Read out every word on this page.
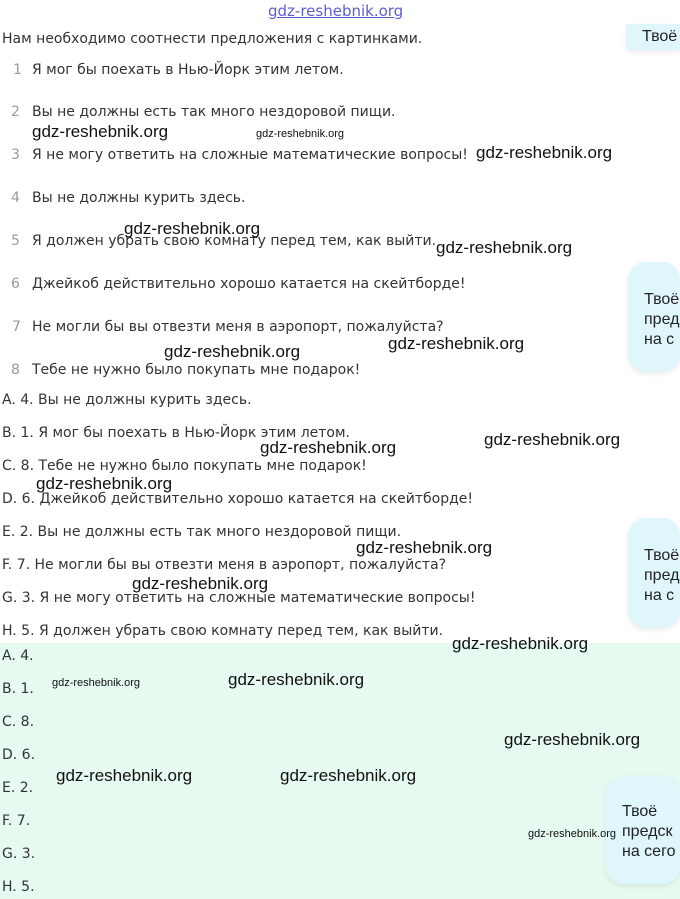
gdz-reshebnik.org
Нам необходимо соотнести предложения с картинками.
1 Я мог бы поехать в Нью-Йорк этим летом.
2 Вы не должны есть так много нездоровой пищи.
3 Я не могу ответить на сложные математические вопросы!
4 Вы не должны курить здесь.
5 Я должен убрать свою комнату перед тем, как выйти.
6 Джейкоб действительно хорошо катается на скейтборде!
7 Не могли бы вы отвезти меня в аэропорт, пожалуйста?
8 Тебе не нужно было покупать мне подарок!
A. 4. Вы не должны курить здесь.
B. 1. Я мог бы поехать в Нью-Йорк этим летом.
C. 8. Тебе не нужно было покупать мне подарок!
D. 6. Джейкоб действительно хорошо катается на скейтборде!
E. 2. Вы не должны есть так много нездоровой пищи.
F. 7. Не могли бы вы отвезти меня в аэропорт, пожалуйста?
G. 3. Я не могу ответить на сложные математические вопросы!
H. 5. Я должен убрать свою комнату перед тем, как выйти.
A. 4.
B. 1.
C. 8.
D. 6.
E. 2.
F. 7.
G. 3.
H. 5.
Твоё
Твоё
пред
на с
Твоё
пред
на с
Твоё
предск
на сего
gdz-reshebnik.org	gdz-reshebnik.org
gdz-reshebnik.org
gdz-reshebnik.org
gdz-reshebnik.org
gdz-reshebnik.org
gdz-reshebnik.org
gdz-reshebnik.org
gdz-reshebnik.org
gdz-reshebnik.org
gdz-reshebnik.org
gdz-reshebnik.org
gdz-reshebnik.org
gdz-reshebnik.org	gdz-reshebnik.org
gdz-reshebnik.org
gdz-reshebnik.org	gdz-reshebnik.org
gdz-reshebnik.org
